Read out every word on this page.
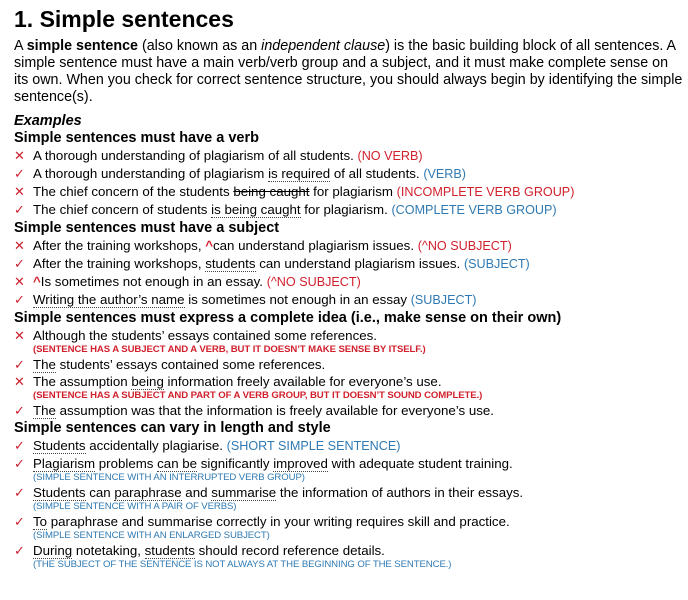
1. Simple sentences

A simple sentence (also known as an independent clause) is the basic building block of all sentences. A simple sentence must have a main verb/verb group and a subject, and it must make complete sense on its own. When you check for correct sentence structure, you should always begin by identifying the simple sentence(s).

Examples
Simple sentences must have a verb
✕ A thorough understanding of plagiarism of all students. (NO VERB)
✓ A thorough understanding of plagiarism is required of all students. (VERB)
✕ The chief concern of the students being caught for plagiarism (INCOMPLETE VERB GROUP)
✓ The chief concern of students is being caught for plagiarism. (COMPLETE VERB GROUP)
Simple sentences must have a subject
✕ After the training workshops, ^can understand plagiarism issues. (^NO SUBJECT)
✓ After the training workshops, students can understand plagiarism issues. (SUBJECT)
✕ ^Is sometimes not enough in an essay. (^NO SUBJECT)
✓ Writing the author’s name is sometimes not enough in an essay (SUBJECT)
Simple sentences must express a complete idea (i.e., make sense on their own)
✕ Although the students’ essays contained some references.
(SENTENCE HAS A SUBJECT AND A VERB, BUT IT DOESN’T MAKE SENSE BY ITSELF.)
✓ The students’ essays contained some references.
✕ The assumption being information freely available for everyone’s use.
(SENTENCE HAS A SUBJECT AND PART OF A VERB GROUP, BUT IT DOESN’T SOUND COMPLETE.)
✓ The assumption was that the information is freely available for everyone’s use.
Simple sentences can vary in length and style
✓ Students accidentally plagiarise. (SHORT SIMPLE SENTENCE)
✓ Plagiarism problems can be significantly improved with adequate student training.
(SIMPLE SENTENCE WITH AN INTERRUPTED VERB GROUP)
✓ Students can paraphrase and summarise the information of authors in their essays.
(SIMPLE SENTENCE WITH A PAIR OF VERBS)
✓ To paraphrase and summarise correctly in your writing requires skill and practice.
(SIMPLE SENTENCE WITH AN ENLARGED SUBJECT)
✓ During notetaking, students should record reference details.
(THE SUBJECT OF THE SENTENCE IS NOT ALWAYS AT THE BEGINNING OF THE SENTENCE.)
